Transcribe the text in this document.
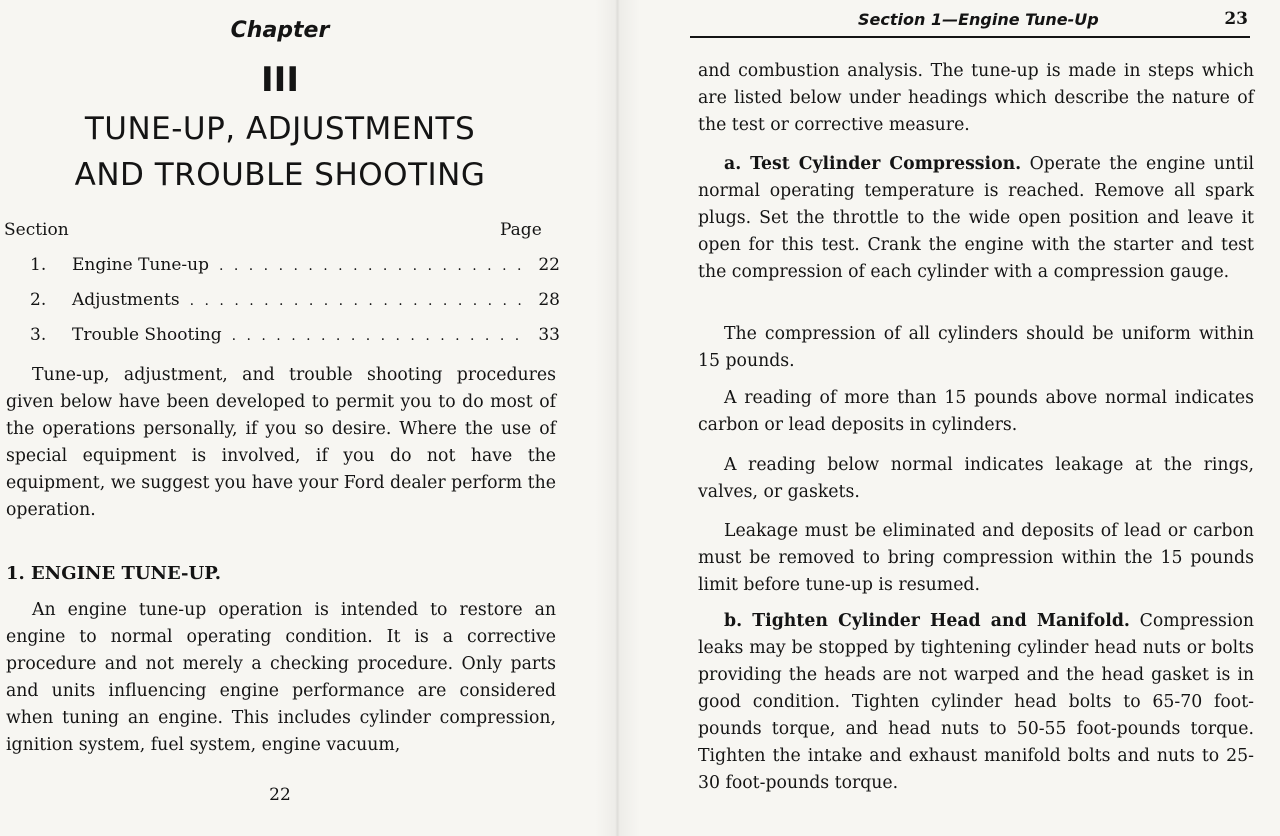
Chapter
III
TUNE-UP, ADJUSTMENTS
AND TROUBLE SHOOTING
Section	Page
1.	Engine Tune-up . . .	22
2.	Adjustments . . .	28
3.	Trouble Shooting . . .	33

Tune-up, adjustment, and trouble shooting procedures given below have been developed to permit you to do most of the operations personally, if you so desire. Where the use of special equipment is involved, if you do not have the equipment, we suggest you have your Ford dealer perform the operation.

1. ENGINE TUNE-UP.

An engine tune-up operation is intended to restore an engine to normal operating condition. It is a corrective procedure and not merely a checking procedure. Only parts and units influencing engine performance are considered when tuning an engine. This includes cylinder compression, ignition system, fuel system, engine vacuum,

22
Section 1—Engine Tune-Up	23

and combustion analysis. The tune-up is made in steps which are listed below under headings which describe the nature of the test or corrective measure.

a. Test Cylinder Compression. Operate the engine until normal operating temperature is reached. Remove all spark plugs. Set the throttle to the wide open position and leave it open for this test. Crank the engine with the starter and test the compression of each cylinder with a compression gauge.

The compression of all cylinders should be uniform within 15 pounds.

A reading of more than 15 pounds above normal indicates carbon or lead deposits in cylinders.

A reading below normal indicates leakage at the rings, valves, or gaskets.

Leakage must be eliminated and deposits of lead or carbon must be removed to bring compression within the 15 pounds limit before tune-up is resumed.

b. Tighten Cylinder Head and Manifold. Compression leaks may be stopped by tightening cylinder head nuts or bolts providing the heads are not warped and the head gasket is in good condition. Tighten cylinder head bolts to 65-70 foot-pounds torque, and head nuts to 50-55 foot-pounds torque. Tighten the intake and exhaust manifold bolts and nuts to 25-30 foot-pounds torque.
